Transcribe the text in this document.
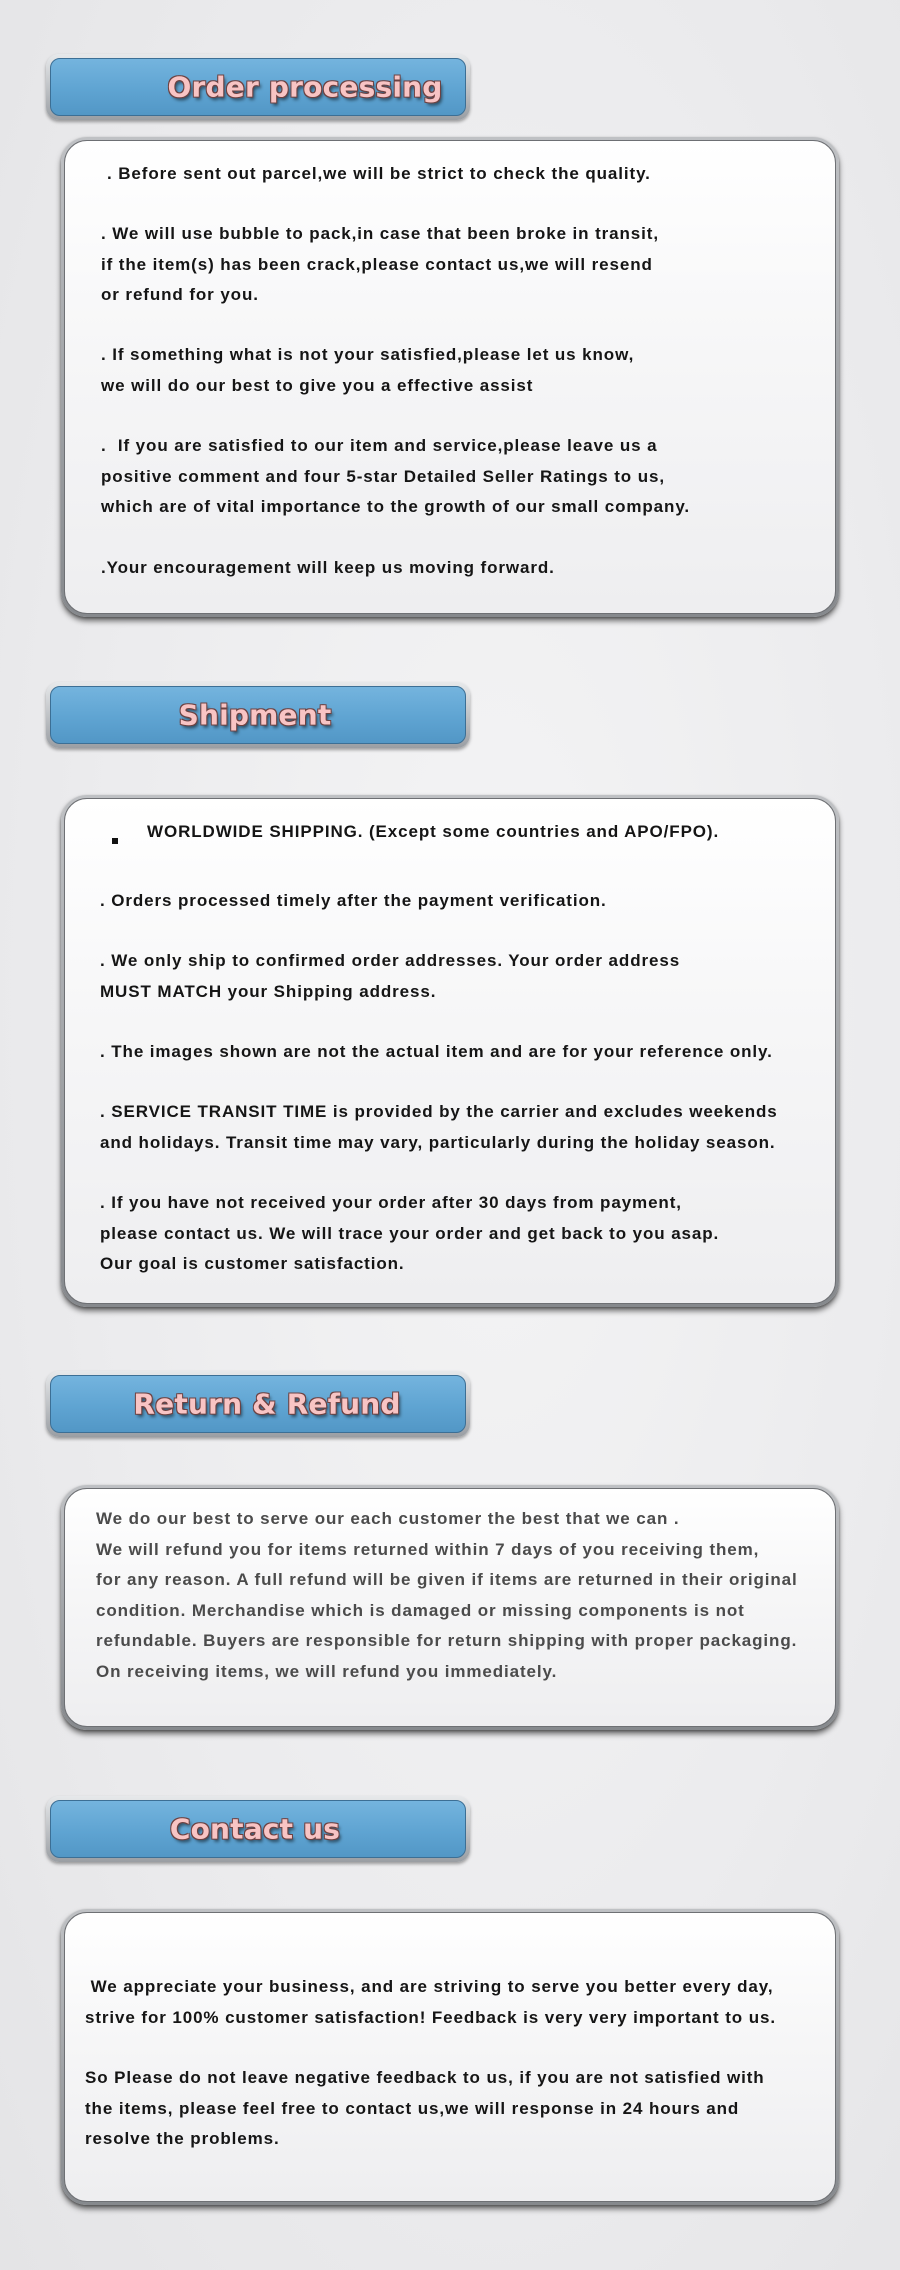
Order processing

. Before sent out parcel,we will be strict to check the quality.

. We will use bubble to pack,in case that been broke in transit,
if the item(s) has been crack,please contact us,we will resend
or refund for you.

. If something what is not your satisfied,please let us know,
we will do our best to give you a effective assist

.  If you are satisfied to our item and service,please leave us a
positive comment and four 5-star Detailed Seller Ratings to us,
which are of vital importance to the growth of our small company.

.Your encouragement will keep us moving forward.

Shipment

WORLDWIDE SHIPPING. (Except some countries and APO/FPO).

. Orders processed timely after the payment verification.

. We only ship to confirmed order addresses. Your order address
MUST MATCH your Shipping address.

. The images shown are not the actual item and are for your reference only.

. SERVICE TRANSIT TIME is provided by the carrier and excludes weekends
and holidays. Transit time may vary, particularly during the holiday season.

. If you have not received your order after 30 days from payment,
please contact us. We will trace your order and get back to you asap.
Our goal is customer satisfaction.

Return & Refund

We do our best to serve our each customer the best that we can .
We will refund you for items returned within 7 days of you receiving them,
for any reason. A full refund will be given if items are returned in their original
condition. Merchandise which is damaged or missing components is not
refundable. Buyers are responsible for return shipping with proper packaging.
On receiving items, we will refund you immediately.

Contact us

We appreciate your business, and are striving to serve you better every day,
strive for 100% customer satisfaction! Feedback is very very important to us.

So Please do not leave negative feedback to us, if you are not satisfied with
the items, please feel free to contact us,we will response in 24 hours and
resolve the problems.
